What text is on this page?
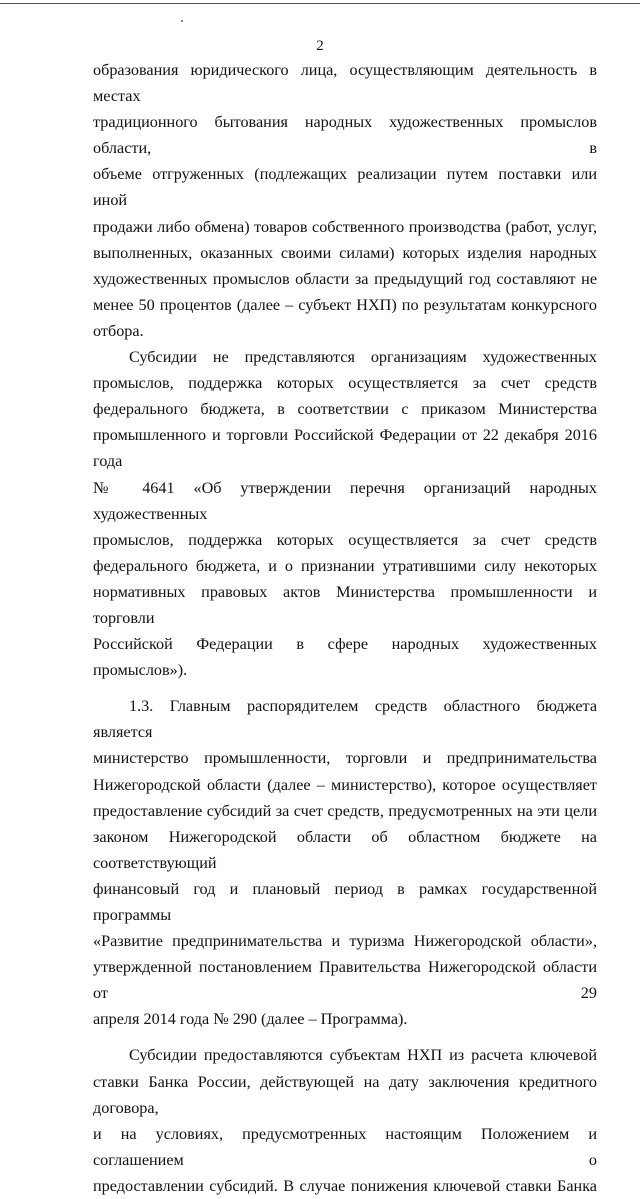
2

образования юридического лица, осуществляющим деятельность в местах

традиционного бытования народных художественных промыслов области, в

объеме отгруженных (подлежащих реализации путем поставки или иной

продажи либо обмена) товаров собственного производства (работ, услуг,

выполненных, оказанных своими силами) которых изделия народных

художественных промыслов области за предыдущий год составляют не

менее 50 процентов (далее – субъект НХП) по результатам конкурсного

отбора.

Субсидии не представляются организациям художественных

промыслов, поддержка которых осуществляется за счет средств

федерального бюджета, в соответствии с приказом Министерства

промышленного и торговли Российской Федерации от 22 декабря 2016 года

№ 4641 «Об утверждении перечня организаций народных художественных

промыслов, поддержка которых осуществляется за счет средств

федерального бюджета, и о признании утратившими силу некоторых

нормативных правовых актов Министерства промышленности и торговли

Российской Федерации в сфере народных художественных промыслов»).

1.3. Главным распорядителем средств областного бюджета является

министерство промышленности, торговли и предпринимательства

Нижегородской области (далее – министерство), которое осуществляет

предоставление субсидий за счет средств, предусмотренных на эти цели

законом Нижегородской области об областном бюджете на соответствующий

финансовый год и плановый период в рамках государственной программы

«Развитие предпринимательства и туризма Нижегородской области»,

утвержденной постановлением Правительства Нижегородской области от 29

апреля 2014 года № 290 (далее – Программа).

Субсидии предоставляются субъектам НХП из расчета ключевой

ставки Банка России, действующей на дату заключения кредитного договора,

и на условиях, предусмотренных настоящим Положением и соглашением о

предоставлении субсидий. В случае понижения ключевой ставки Банка
